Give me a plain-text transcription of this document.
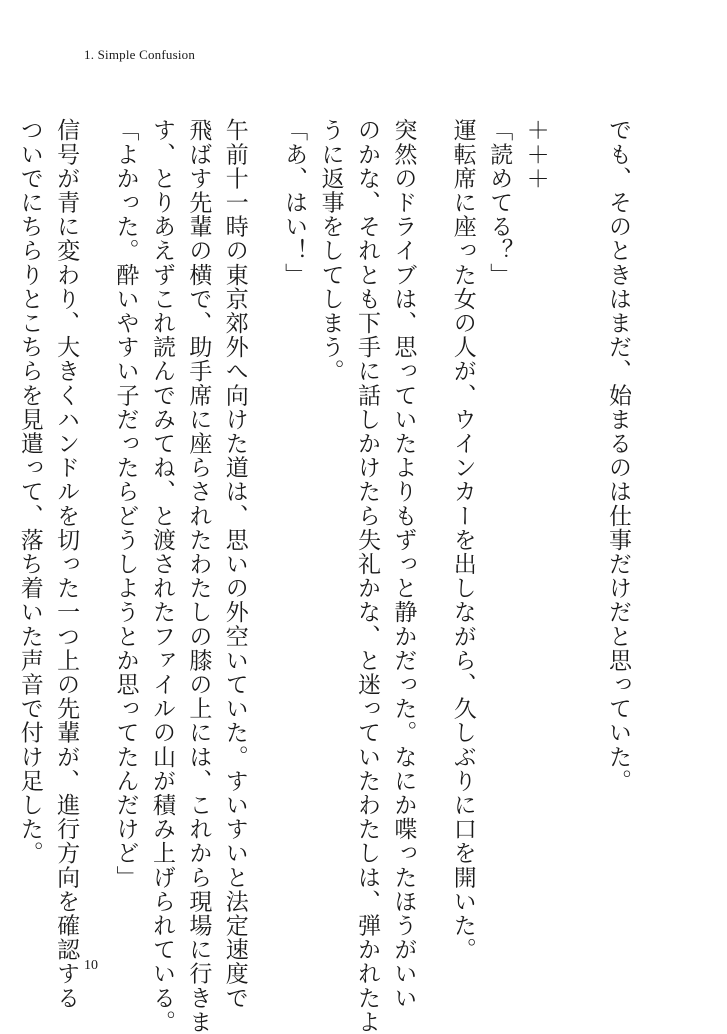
1. Simple Confusion
でも、そのときはまだ、始まるのは仕事だけだと思っていた。
＋＋＋
「読めてる？」
運転席に座った女の人が、ウインカーを出しながら、久しぶりに口を開いた。
突然のドライブは、思っていたよりもずっと静かだった。なにか喋ったほうがいい
のかな、それとも下手に話しかけたら失礼かな、と迷っていたわたしは、弾かれたよ
うに返事をしてしまう。
「あ、はい！」
午前十一時の東京郊外へ向けた道は、思いの外空いていた。すいすいと法定速度で
飛ばす先輩の横で、助手席に座らされたわたしの膝の上には、これから現場に行きま
す、とりあえずこれ読んでみてね、と渡されたファイルの山が積み上げられている。
「よかった。酔いやすい子だったらどうしようとか思ってたんだけど」
信号が青に変わり、大きくハンドルを切った一つ上の先輩が、進行方向を確認する
ついでにちらりとこちらを見遣って、落ち着いた声音で付け足した。
10
